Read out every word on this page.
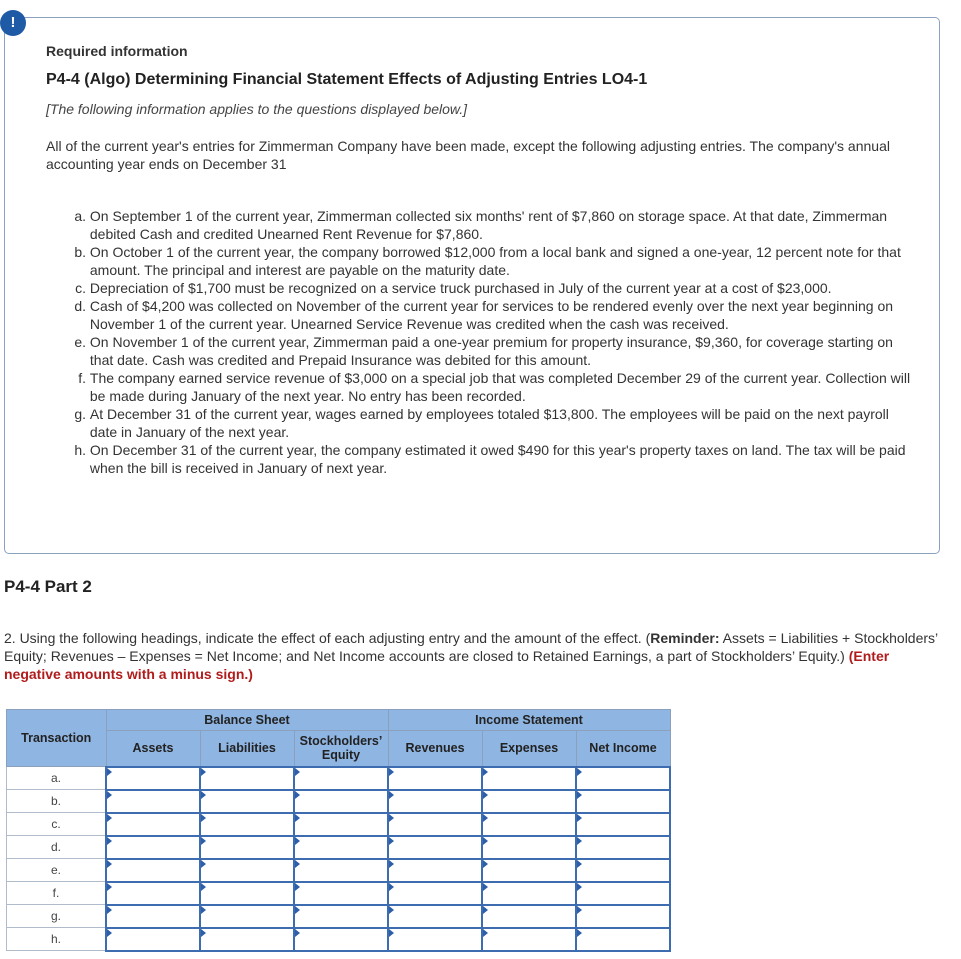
!
Required information
P4-4 (Algo) Determining Financial Statement Effects of Adjusting Entries LO4-1
[The following information applies to the questions displayed below.]
All of the current year's entries for Zimmerman Company have been made, except the following adjusting entries. The company's annual accounting year ends on December 31
a.
On September 1 of the current year, Zimmerman collected six months' rent of $7,860 on storage space. At that date, Zimmerman debited Cash and credited Unearned Rent Revenue for $7,860.
b.
On October 1 of the current year, the company borrowed $12,000 from a local bank and signed a one-year, 12 percent note for that amount. The principal and interest are payable on the maturity date.
c.
Depreciation of $1,700 must be recognized on a service truck purchased in July of the current year at a cost of $23,000.
d.
Cash of $4,200 was collected on November of the current year for services to be rendered evenly over the next year beginning on November 1 of the current year. Unearned Service Revenue was credited when the cash was received.
e.
On November 1 of the current year, Zimmerman paid a one-year premium for property insurance, $9,360, for coverage starting on that date. Cash was credited and Prepaid Insurance was debited for this amount.
f.
The company earned service revenue of $3,000 on a special job that was completed December 29 of the current year. Collection will be made during January of the next year. No entry has been recorded.
g.
At December 31 of the current year, wages earned by employees totaled $13,800. The employees will be paid on the next payroll date in January of the next year.
h.
On December 31 of the current year, the company estimated it owed $490 for this year's property taxes on land. The tax will be paid when the bill is received in January of next year.
P4-4 Part 2
2. Using the following headings, indicate the effect of each adjusting entry and the amount of the effect. (Reminder: Assets = Liabilities + Stockholders’ Equity; Revenues – Expenses = Net Income; and Net Income accounts are closed to Retained Earnings, a part of Stockholders’ Equity.) (Enter negative amounts with a minus sign.)
Transaction	Balance Sheet			Income Statement		
	Assets	Liabilities	Stockholders’ Equity	Revenues	Expenses	Net Income
a.						
b.						
c.						
d.						
e.						
f.						
g.						
h.						
